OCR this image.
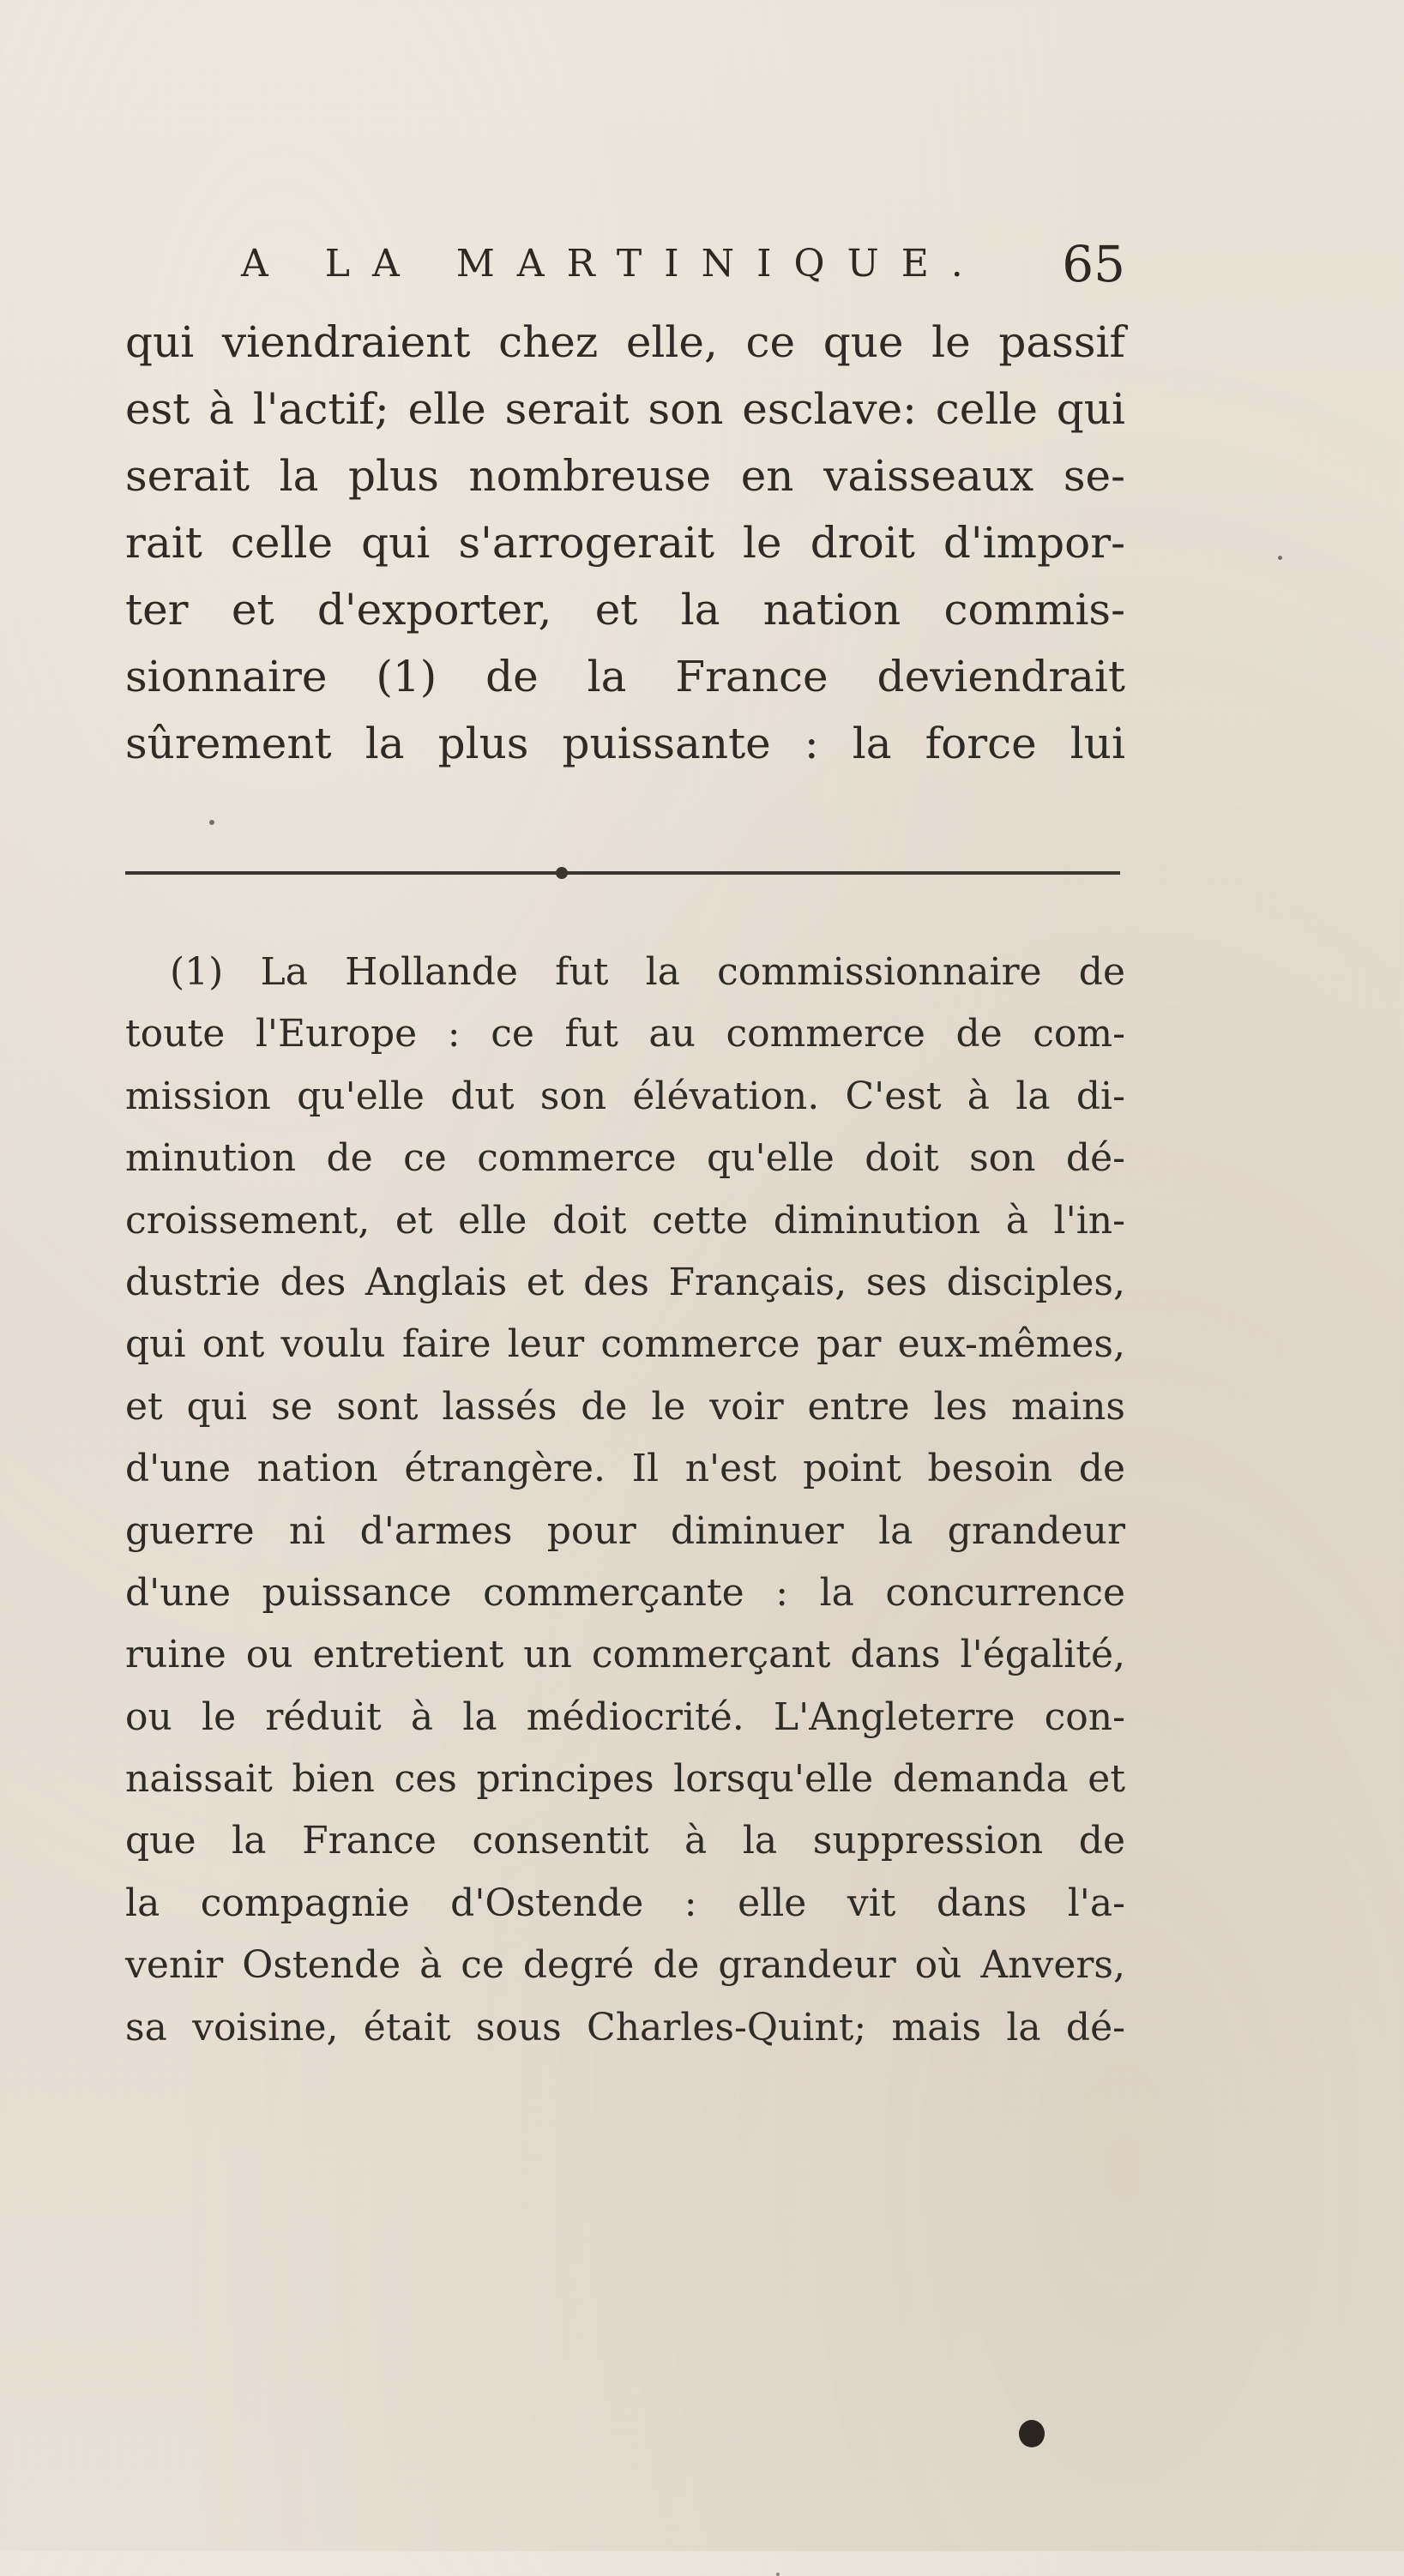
A LA MARTINIQUE. 65
qui viendraient chez elle, ce que le passif
est à l'actif; elle serait son esclave: celle qui
serait la plus nombreuse en vaisseaux se-
rait celle qui s'arrogerait le droit d'impor-
ter et d'exporter, et la nation commis-
sionnaire (1) de la France deviendrait
sûrement la plus puissante : la force lui
(1) La Hollande fut la commissionnaire de
toute l'Europe : ce fut au commerce de com-
mission qu'elle dut son élévation. C'est à la di-
minution de ce commerce qu'elle doit son dé-
croissement, et elle doit cette diminution à l'in-
dustrie des Anglais et des Français, ses disciples,
qui ont voulu faire leur commerce par eux-mêmes,
et qui se sont lassés de le voir entre les mains
d'une nation étrangère. Il n'est point besoin de
guerre ni d'armes pour diminuer la grandeur
d'une puissance commerçante : la concurrence
ruine ou entretient un commerçant dans l'égalité,
ou le réduit à la médiocrité. L'Angleterre con-
naissait bien ces principes lorsqu'elle demanda et
que la France consentit à la suppression de
la compagnie d'Ostende : elle vit dans l'a-
venir Ostende à ce degré de grandeur où Anvers,
sa voisine, était sous Charles-Quint; mais la dé-
